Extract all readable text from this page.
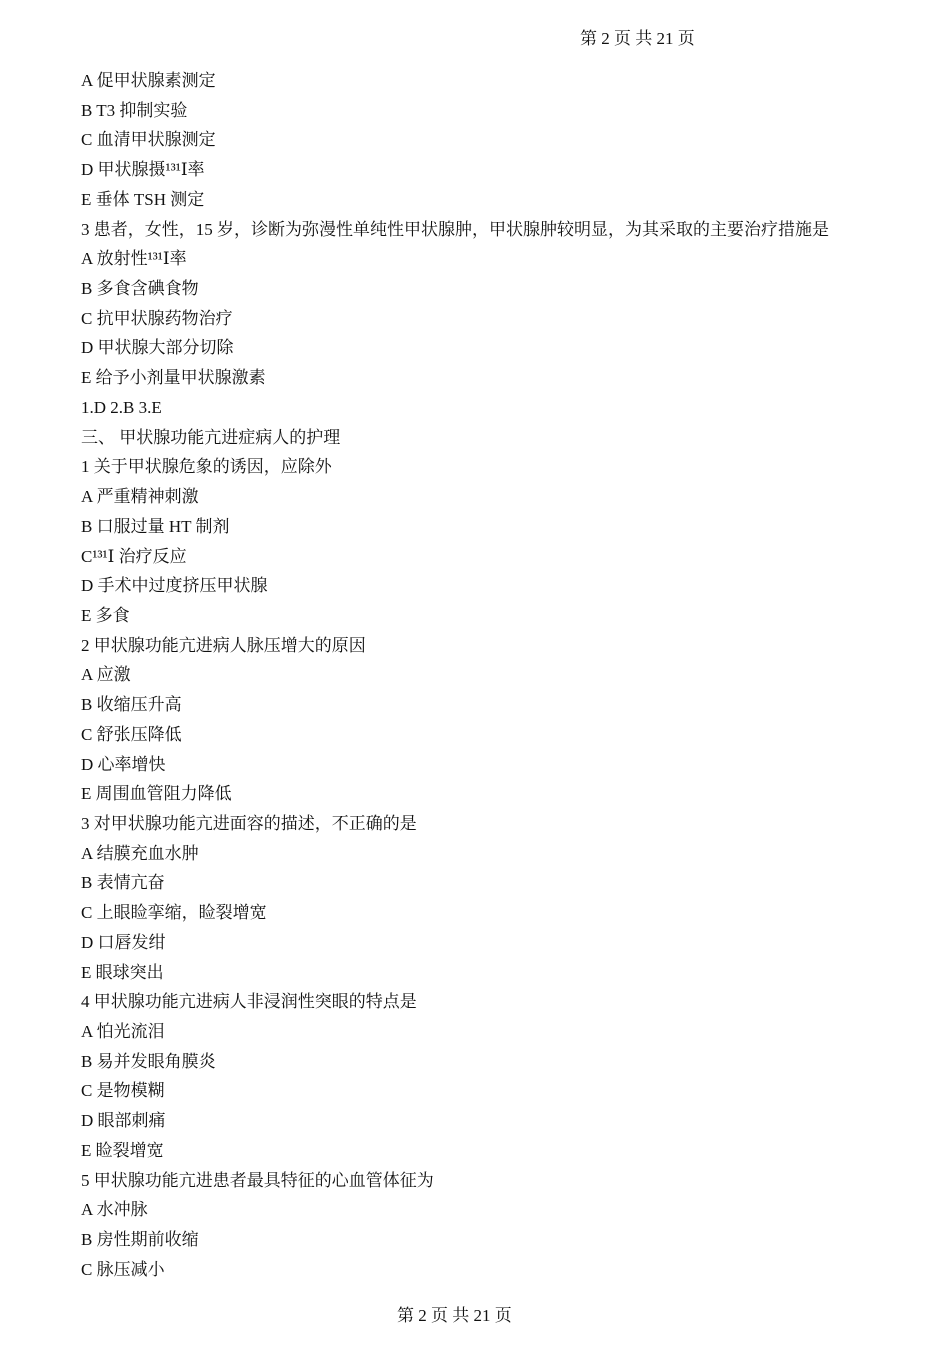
第 2 页 共 21 页
A 促甲状腺素测定
B T3 抑制实验
C 血清甲状腺测定
D 甲状腺摄¹³¹Ⅰ率
E 垂体 TSH 测定
3 患者，女性，15 岁，诊断为弥漫性单纯性甲状腺肿，甲状腺肿较明显，为其采取的主要治疗措施是
A 放射性¹³¹Ⅰ率
B 多食含碘食物
C 抗甲状腺药物治疗
D 甲状腺大部分切除
E 给予小剂量甲状腺激素
1.D 2.B 3.E
三、 甲状腺功能亢进症病人的护理
1 关于甲状腺危象的诱因，应除外
A 严重精神刺激
B 口服过量 HT 制剂
C¹³¹Ⅰ 治疗反应
D 手术中过度挤压甲状腺
E 多食
2 甲状腺功能亢进病人脉压增大的原因
A 应激
B 收缩压升高
C 舒张压降低
D 心率增快
E 周围血管阻力降低
3 对甲状腺功能亢进面容的描述，不正确的是
A 结膜充血水肿
B 表情亢奋
C 上眼睑挛缩，睑裂增宽
D 口唇发绀
E 眼球突出
4 甲状腺功能亢进病人非浸润性突眼的特点是
A 怕光流泪
B 易并发眼角膜炎
C 是物模糊
D 眼部刺痛
E 睑裂增宽
5 甲状腺功能亢进患者最具特征的心血管体征为
A 水冲脉
B 房性期前收缩
C 脉压减小
第 2 页 共 21 页
